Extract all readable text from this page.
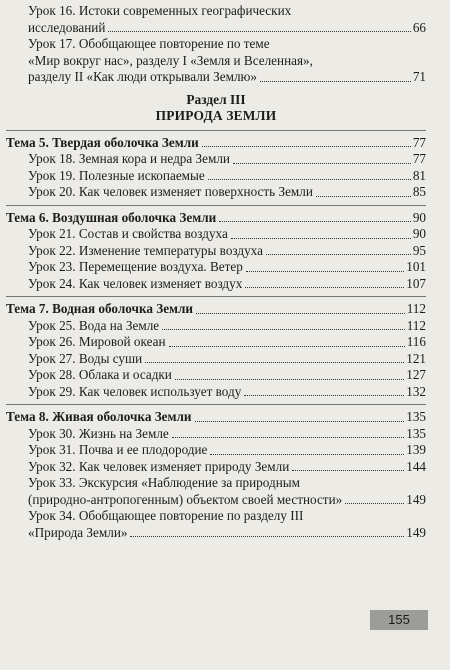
Урок 16. Истоки современных географических
исследований	66
Урок 17. Обобщающее повторение по теме
«Мир вокруг нас», разделу I «Земля и Вселенная»,
разделу II «Как люди открывали Землю»	71
Раздел III
ПРИРОДА ЗЕМЛИ
Тема 5. Твердая оболочка Земли	77
Урок 18. Земная кора и недра Земли	77
Урок 19. Полезные ископаемые	81
Урок 20. Как человек изменяет поверхность Земли	85
Тема 6. Воздушная оболочка Земли	90
Урок 21. Состав и свойства воздуха	90
Урок 22. Изменение температуры воздуха	95
Урок 23. Перемещение воздуха. Ветер	101
Урок 24. Как человек изменяет воздух	107
Тема 7. Водная оболочка Земли	112
Урок 25. Вода на Земле	112
Урок 26. Мировой океан	116
Урок 27. Воды суши	121
Урок 28. Облака и осадки	127
Урок 29. Как человек использует воду	132
Тема 8. Живая оболочка Земли	135
Урок 30. Жизнь на Земле	135
Урок 31. Почва и ее плодородие	139
Урок 32. Как человек изменяет природу Земли	144
Урок 33. Экскурсия «Наблюдение за природным
(природно-антропогенным) объектом своей местности»	149
Урок 34. Обобщающее повторение по разделу III
«Природа Земли»	149
155
